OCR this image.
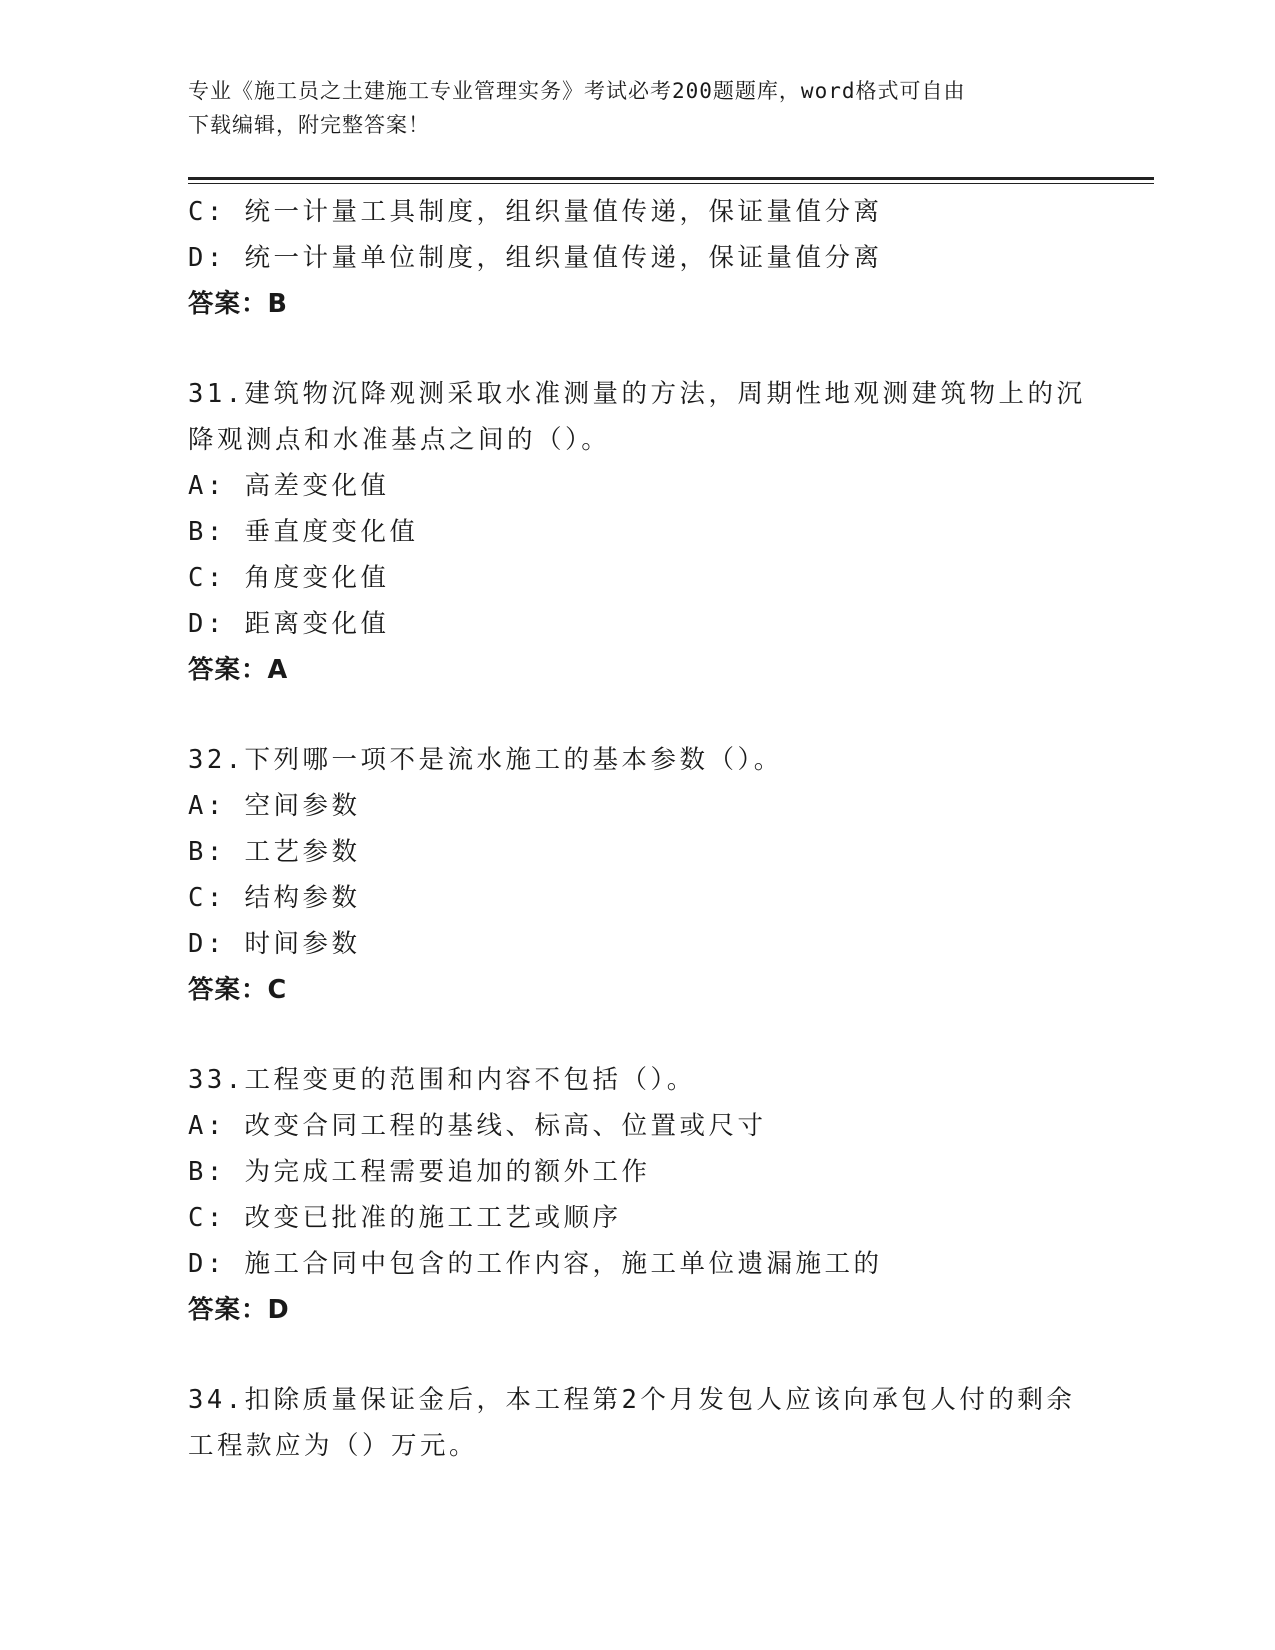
专业《施工员之土建施工专业管理实务》考试必考200题题库，word格式可自由
下载编辑，附完整答案！
C: 统一计量工具制度，组织量值传递，保证量值分离
D: 统一计量单位制度，组织量值传递，保证量值分离
答案：B
31.建筑物沉降观测采取水准测量的方法，周期性地观测建筑物上的沉
降观测点和水准基点之间的（）。
A: 高差变化值
B: 垂直度变化值
C: 角度变化值
D: 距离变化值
答案：A
32.下列哪一项不是流水施工的基本参数（）。
A: 空间参数
B: 工艺参数
C: 结构参数
D: 时间参数
答案：C
33.工程变更的范围和内容不包括（）。
A: 改变合同工程的基线、标高、位置或尺寸
B: 为完成工程需要追加的额外工作
C: 改变已批准的施工工艺或顺序
D: 施工合同中包含的工作内容，施工单位遗漏施工的
答案：D
34.扣除质量保证金后，本工程第2个月发包人应该向承包人付的剩余
工程款应为（）万元。
